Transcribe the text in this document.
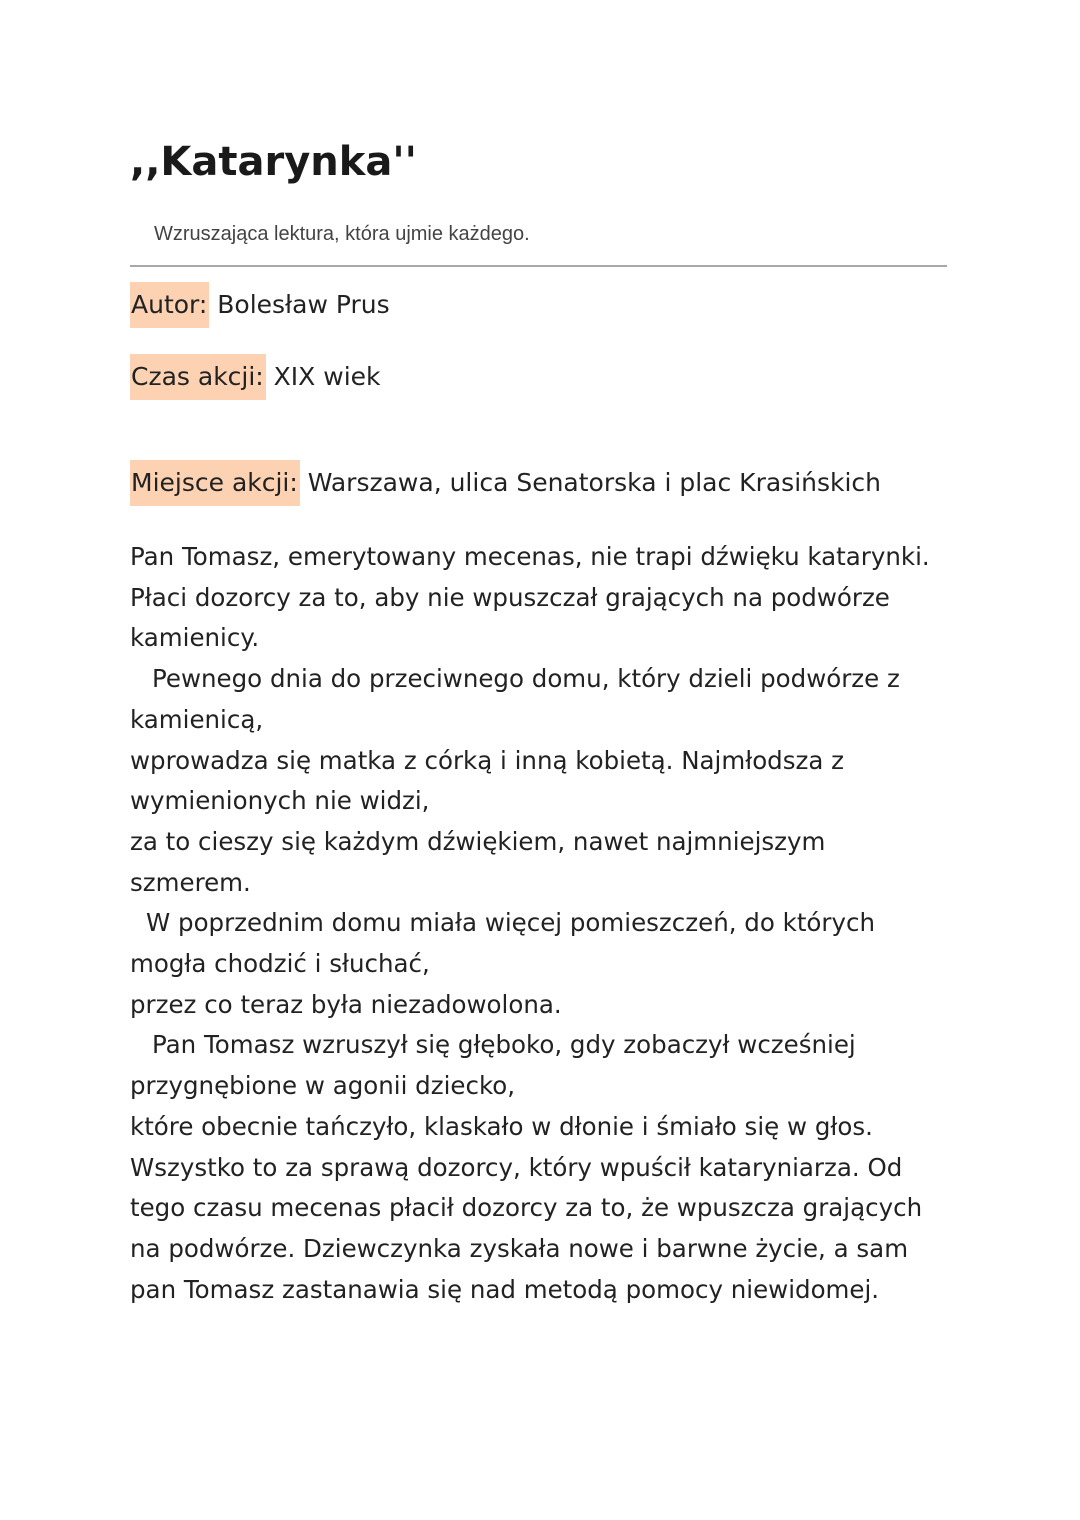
,,Katarynka''

Wzruszająca lektura, która ujmie każdego.

Autor: Bolesław Prus

Czas akcji: XIX wiek

Miejsce akcji: Warszawa, ulica Senatorska i plac Krasińskich

Pan Tomasz, emerytowany mecenas, nie trapi dźwięku katarynki.
Płaci dozorcy za to, aby nie wpuszczał grających na podwórze
kamienicy.
Pewnego dnia do przeciwnego domu, który dzieli podwórze z
kamienicą,
wprowadza się matka z córką i inną kobietą. Najmłodsza z
wymienionych nie widzi,
za to cieszy się każdym dźwiękiem, nawet najmniejszym
szmerem.
W poprzednim domu miała więcej pomieszczeń, do których
mogła chodzić i słuchać,
przez co teraz była niezadowolona.
Pan Tomasz wzruszył się głęboko, gdy zobaczył wcześniej
przygnębione w agonii dziecko,
które obecnie tańczyło, klaskało w dłonie i śmiało się w głos.
Wszystko to za sprawą dozorcy, który wpuścił kataryniarza. Od
tego czasu mecenas płacił dozorcy za to, że wpuszcza grających
na podwórze. Dziewczynka zyskała nowe i barwne życie, a sam
pan Tomasz zastanawia się nad metodą pomocy niewidomej.
